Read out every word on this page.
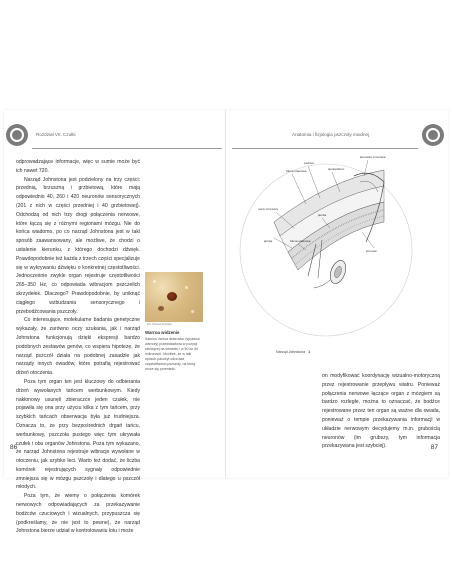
Rozdział VII. Czułki

odprowadzające informacje, więc w sumie może być ich nawet 720.

Narząd Johnstona jest podzielony na trzy części: przednią, brzuszną i grzbietową, które mają odpowiednio 40, 260 i 420 neuronów sensorycznych (201 z nich w części przedniej i 40 grzbietowej). Odchodzą od nich trzy drogi połączenia nerwowe, które łączą się z różnymi regionami mózgu. Nie do końca wiadomo, po co narząd Johnstona jest w taki sposób zaawansowany, ale możliwe, że chodzi o ustalenie kierunku, z którego dochodzi dźwięk. Prawdopodobnie też każda z trzech części specjalizuje się w wykrywaniu dźwięku o konkretnej częstotliwości. Jednocześnie zwykle organ rejestruje częstotliwości 265–350 Hz, co odpowiada wibracjom pszczelich skrzydełek. Dlaczego? Prawdopodobnie, by uniknąć ciągłego wzbudzania sensorycznego i przebodźcowania pszczoły.

Co interesujące, molekularne badania genetyczne wykazały, że zarówno oczy szukania, jak i narząd Johnstona funkcjonują dzięki ekspresji bardzo podobnych zestawów genów, co wspiera hipotezę, że narząd pszczół działa na podobnej zasadzie jak narządy innych owadów, które potrafią rejestrować drżeń otoczenia.

Poza tym organ ten jest kluczowy do odbierania drżeń wywołanych tańcem werbunkowym. Kiedy nakłonowy usunęli zbieraczce jeden czułek, nie pojawiła się ona przy użyciu kilka z tym tańcem, przy szybkich tańcach obserwacja była już trudniejsza. Oznacza to, że przy bezpośrednich drgań tańcu, werbunkowy, pszczoła pustego więc tym ukrywała czułek i obu organów Johnstona. Poza tym wykazano, że narząd Johnstona rejestruje wibracje wywołane w otoczeniu, jak szybko leci. Warto też dodać, że liczba komórek rejestrujących sygnały odpowiednie zmniejsza się w mózgu pszczoły i dlatego u pszczół młodych.

Poza tym, że wiemy o połączenia komórek nerwowych odpowiadających za przekazywanie bodźców czuciowych i wizualnych, przypuszcza się (podkreślamy, że nie jest to pewne), że narząd Johnstona bierze udział w kontrolowaniu lotu i może

Fot. Tomasz Koziński
Warroa widzenie
Samica Varroa destructor (sprawca warrozy) przedstawiona w pozycji siedzącej na odwłoku i w 50 do 60 mikronach. Możliwe, że w taki sposób pasożyt odczuwa częstotliwości pszczoły, na którą może się przenieść.
86
Anatomia i fizjologia pszczoły miodnej
błona stawowa
pedicel
skolopidium
komórka czuciowa
nerw czuciowy
jamka	błona stawowa
kosmek
jamka
Narząd Johnstona 1

on modyfikować koordynację wizualno-motoryczną przez rejestrowanie przepływu wiatru. Ponieważ połączenia nerwowe łączące organ z mózgiem są bardzo rozległe, można to oznaczać, że bodźce rejestrowane przez ten organ są ważne dla owada, ponieważ o tempie przekazywania informacji w układzie nerwowym decydujemy m.in. grubością neuronów (im grubszy, tym informacja przekazywana jest szybciej).	87
